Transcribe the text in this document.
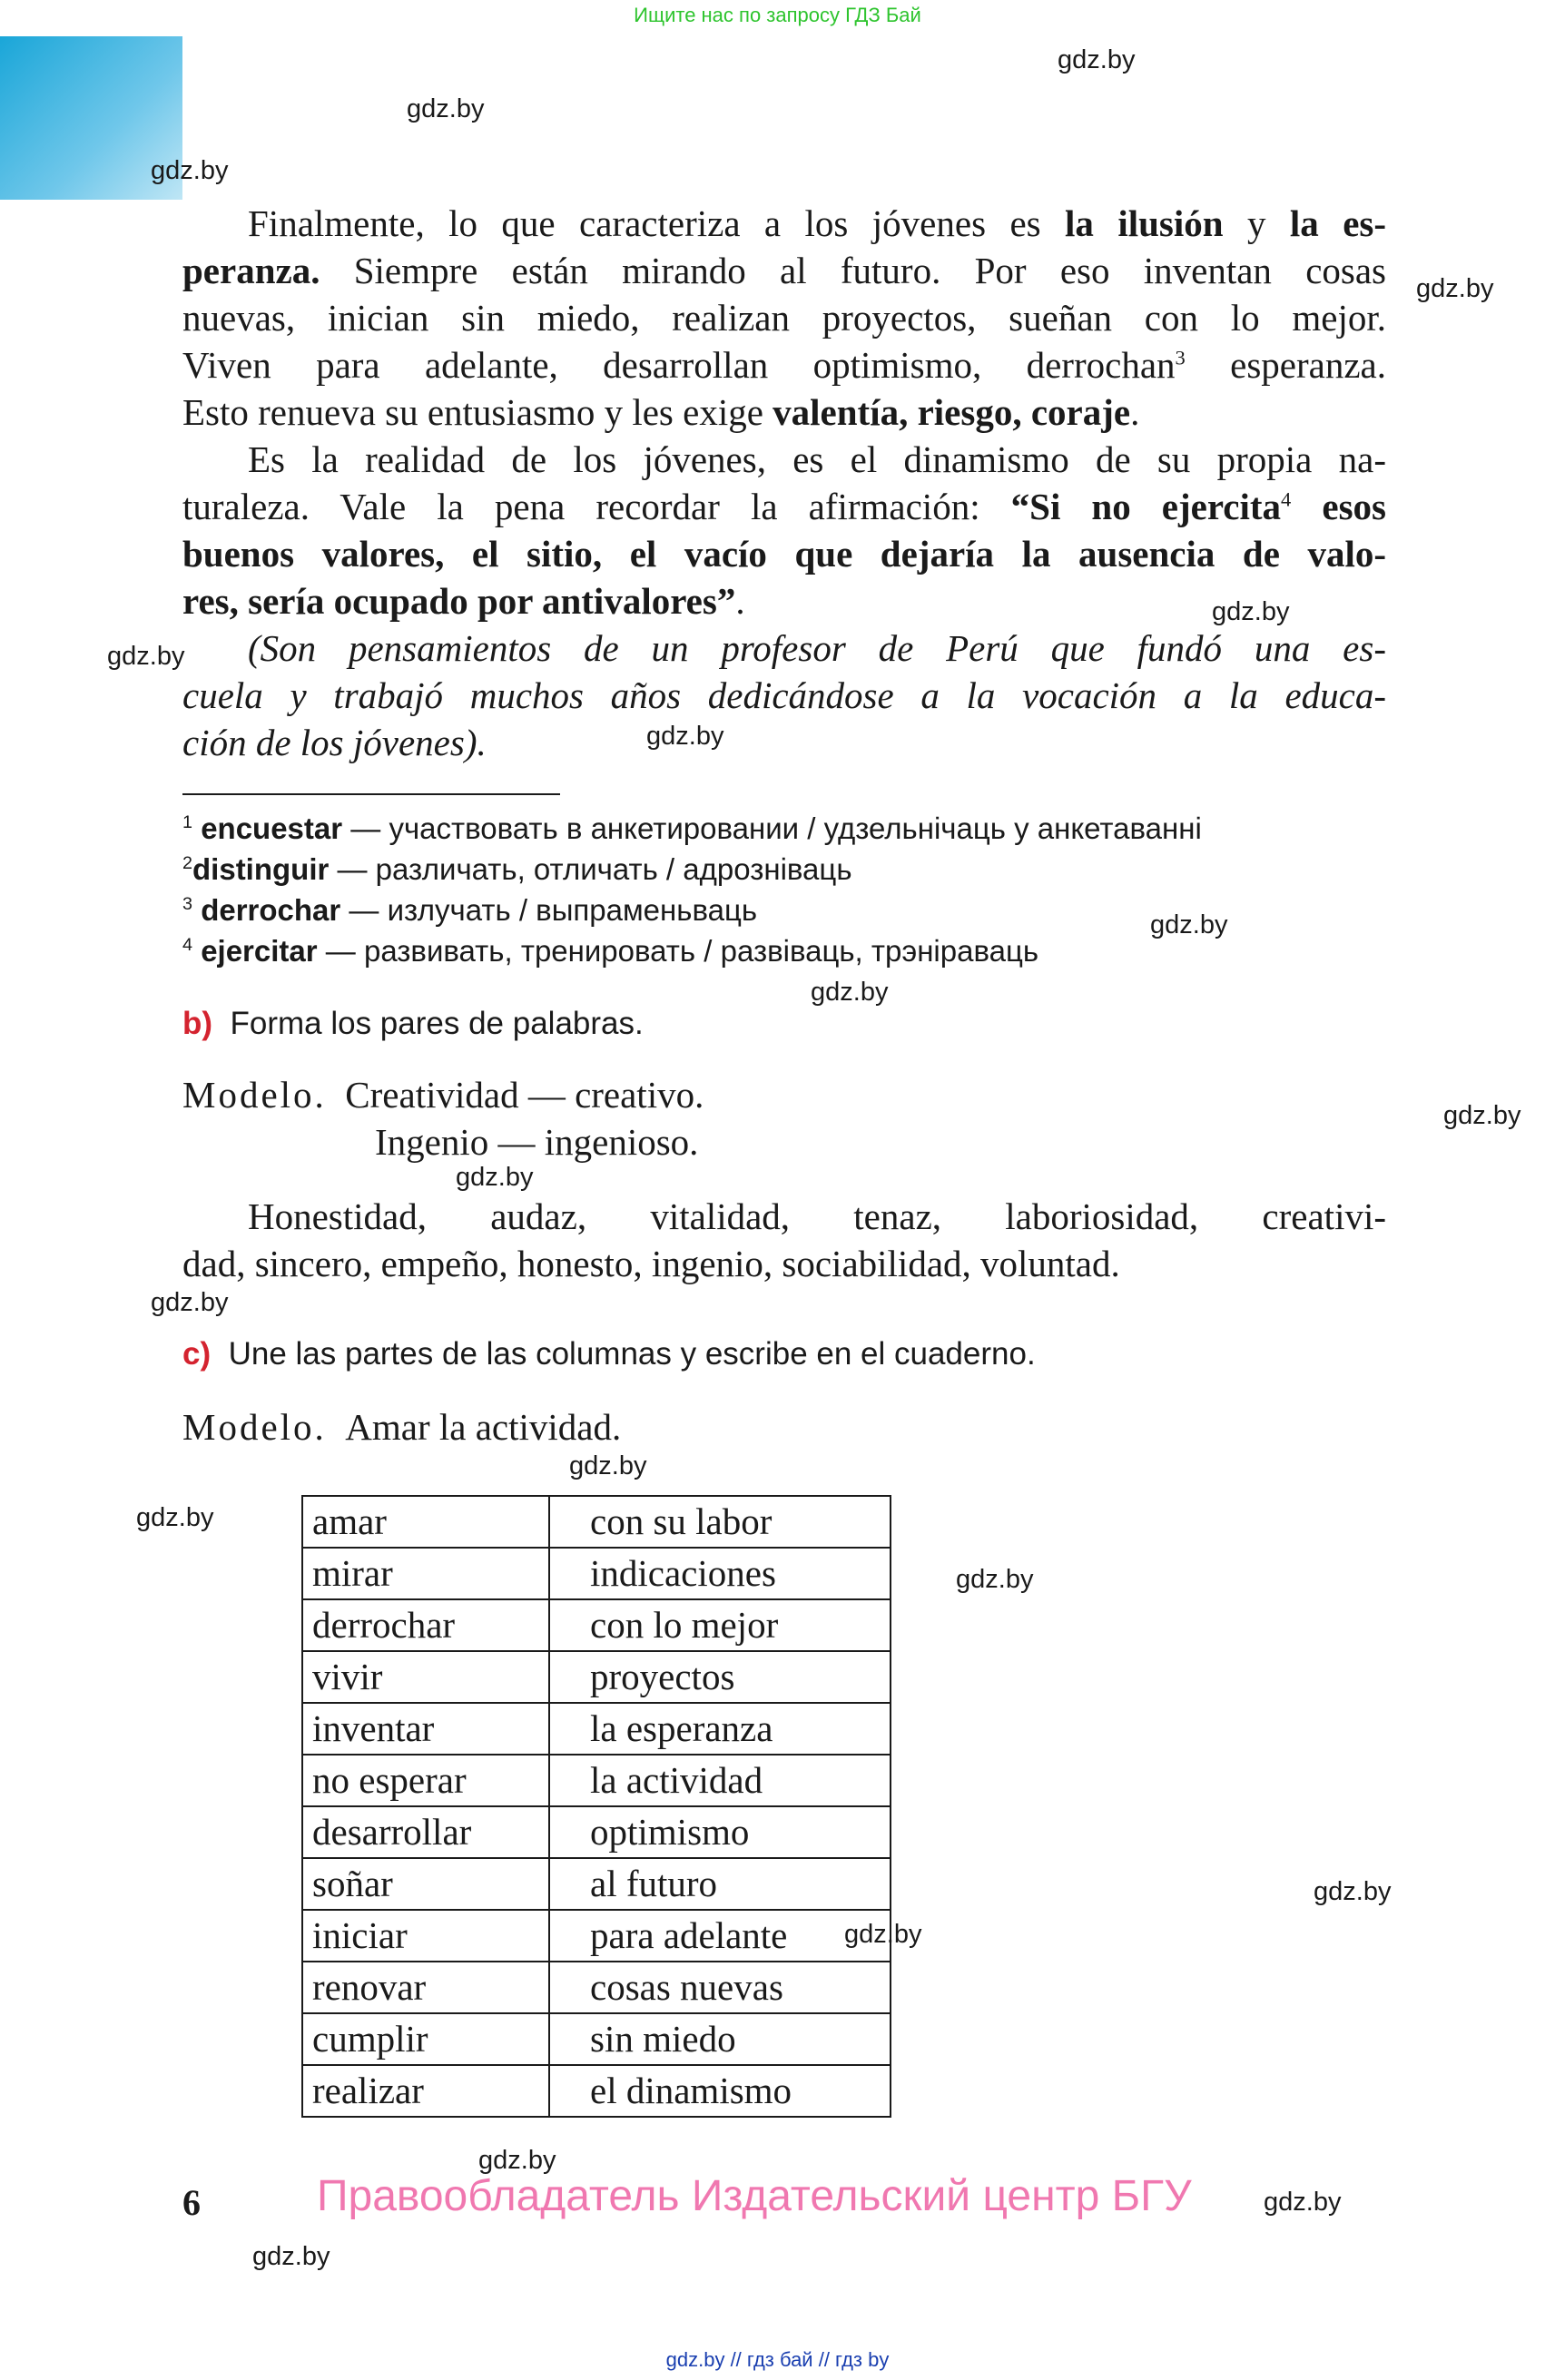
Ищите нас по запросу ГДЗ Бай
gdz.by
gdz.by
gdz.by
gdz.by
gdz.by
gdz.by
gdz.by
gdz.by
gdz.by
gdz.by
gdz.by
gdz.by
gdz.by
gdz.by
gdz.by
gdz.by
gdz.by
gdz.by
gdz.by
gdz.by
Finalmente, lo que caracteriza a los jóvenes es la ilusión y la es-
peranza. Siempre están mirando al futuro. Por eso inventan cosas
nuevas, inician sin miedo, realizan proyectos, sueñan con lo mejor.
Viven para adelante, desarrollan optimismo, derrochan$^3$ esperanza.
Esto renueva su entusiasmo y les exige valentía, riesgo, coraje.
Es la realidad de los jóvenes, es el dinamismo de su propia na-
turaleza. Vale la pena recordar la afirmación: “Si no ejercita$^4$ esos
buenos valores, el sitio, el vacío que dejaría la ausencia de valo-
res, sería ocupado por antivalores”.
(Son pensamientos de un profesor de Perú que fundó una es-
cuela y trabajó muchos años dedicándose a la vocación a la educa-
ción de los jóvenes).
$^1$ encuestar — участвовать в анкетировании / удзельнічаць у анкетаванні
$^2$distinguir — различать, отличать / адрозніваць
$^3$ derrochar — излучать / выпраменьваць
$^4$ ejercitar — развивать, тренировать / развіваць, трэніраваць
b) Forma los pares de palabras.
Modelo. Creatividad — creativo.
Ingenio — ingenioso.
Honestidad, audaz, vitalidad, tenaz, laboriosidad, creativi-
dad, sincero, empeño, honesto, ingenio, sociabilidad, voluntad.
c) Une las partes de las columnas y escribe en el cuaderno.
Modelo. Amar la actividad.
amar	con su labor
mirar	indicaciones
derrochar	con lo mejor
vivir	proyectos
inventar	la esperanza
no esperar	la actividad
desarrollar	optimismo
soñar	al futuro
iniciar	para adelante
renovar	cosas nuevas
cumplir	sin miedo
realizar	el dinamismo
6	Правообладатель Издательский центр БГУ
gdz.by // гдз бай // гдз by
